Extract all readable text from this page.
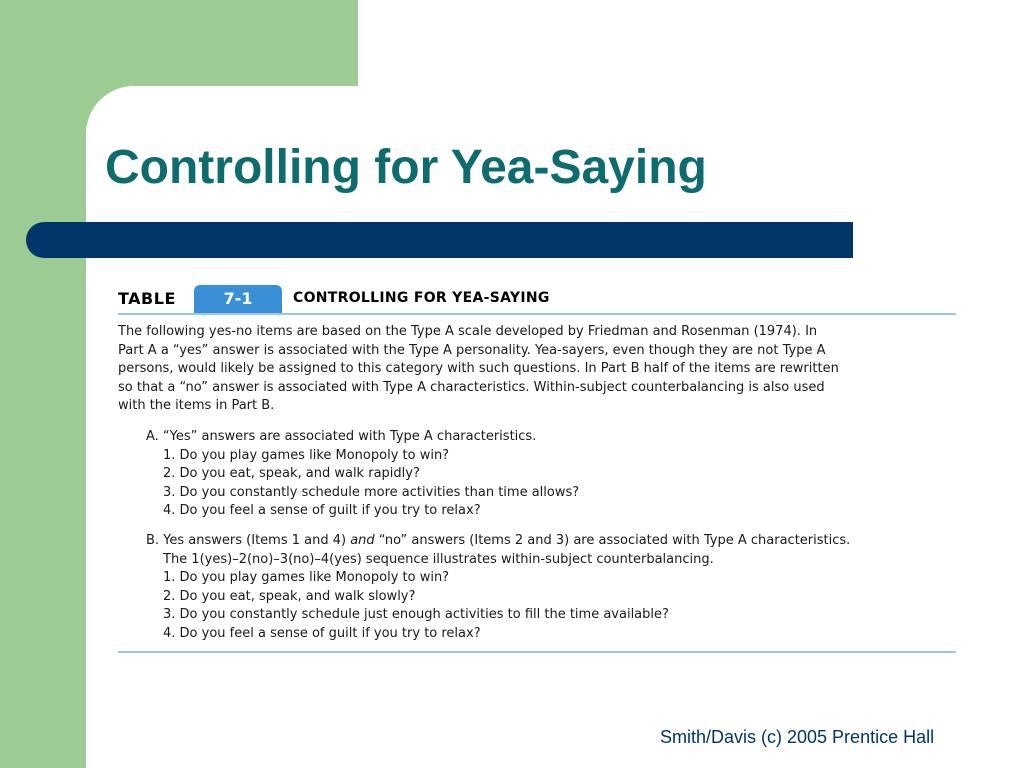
Controlling for Yea-Saying
TABLE	7-1	CONTROLLING FOR YEA-SAYING

The following yes-no items are based on the Type A scale developed by Friedman and Rosenman (1974). In
Part A a “yes” answer is associated with the Type A personality. Yea-sayers, even though they are not Type A
persons, would likely be assigned to this category with such questions. In Part B half of the items are rewritten
so that a “no” answer is associated with Type A characteristics. Within-subject counterbalancing is also used
with the items in Part B.

A. “Yes” answers are associated with Type A characteristics.
1. Do you play games like Monopoly to win?
2. Do you eat, speak, and walk rapidly?
3. Do you constantly schedule more activities than time allows?
4. Do you feel a sense of guilt if you try to relax?

B. Yes answers (Items 1 and 4) and “no” answers (Items 2 and 3) are associated with Type A characteristics.
The 1(yes)–2(no)–3(no)–4(yes) sequence illustrates within-subject counterbalancing.
1. Do you play games like Monopoly to win?
2. Do you eat, speak, and walk slowly?
3. Do you constantly schedule just enough activities to fill the time available?
4. Do you feel a sense of guilt if you try to relax?

Smith/Davis (c) 2005 Prentice Hall
